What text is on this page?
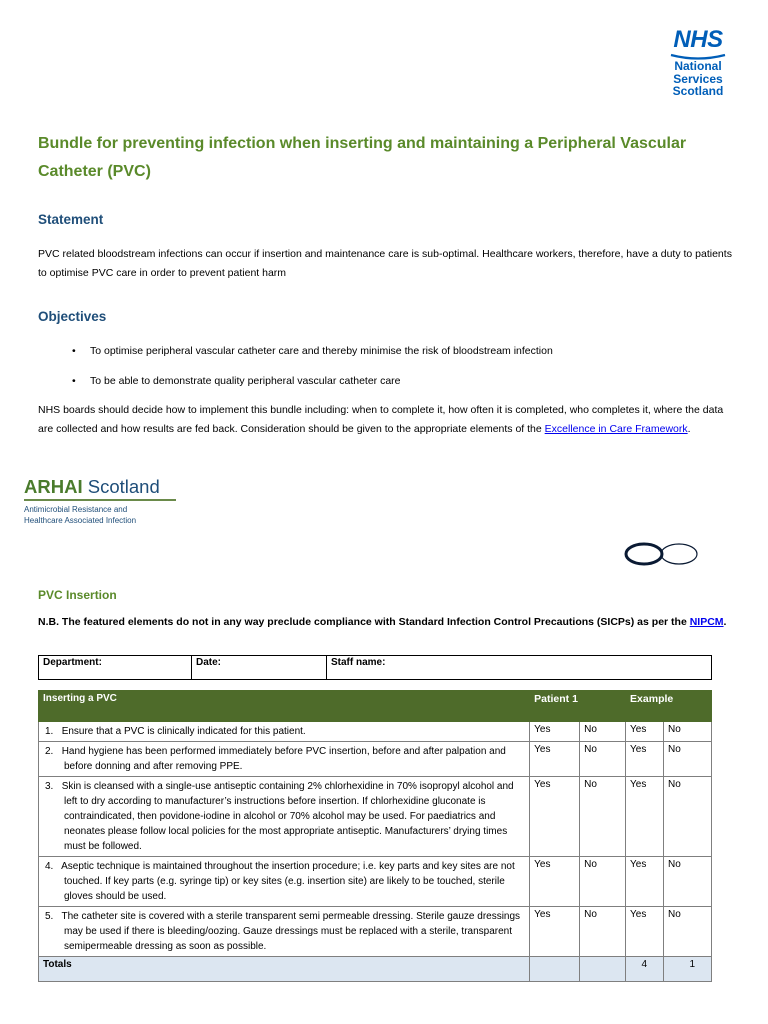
NHS
National
Services
Scotland
Bundle for preventing infection when inserting and maintaining a Peripheral Vascular Catheter (PVC)
Statement
PVC related bloodstream infections can occur if insertion and maintenance care is sub-optimal. Healthcare workers, therefore, have a duty to patients to optimise PVC care in order to prevent patient harm
Objectives
• To optimise peripheral vascular catheter care and thereby minimise the risk of bloodstream infection
• To be able to demonstrate quality peripheral vascular catheter care
NHS boards should decide how to implement this bundle including: when to complete it, how often it is completed, who completes it, where the data are collected and how results are fed back. Consideration should be given to the appropriate elements of the Excellence in Care Framework.
ARHAI Scotland
Antimicrobial Resistance and
Healthcare Associated Infection
PVC Insertion
N.B. The featured elements do not in any way preclude compliance with Standard Infection Control Precautions (SICPs) as per the NIPCM.
Department:	Date:	Staff name:
Inserting a PVC	Patient 1		Example	

1. Ensure that a PVC is clinically indicated for this patient.	Yes	No	Yes	No

2. Hand hygiene has been performed immediately before PVC insertion, before and after palpation and before donning and after removing PPE.	Yes	No	Yes	No

3. Skin is cleansed with a single-use antiseptic containing 2% chlorhexidine in 70% isopropyl alcohol and left to dry according to manufacturer’s instructions before insertion. If chlorhexidine gluconate is contraindicated, then povidone-iodine in alcohol or 70% alcohol may be used. For paediatrics and neonates please follow local policies for the most appropriate antiseptic. Manufacturers’ drying times must be followed.	Yes	No	Yes	No

4. Aseptic technique is maintained throughout the insertion procedure; i.e. key parts and key sites are not touched. If key parts (e.g. syringe tip) or key sites (e.g. insertion site) are likely to be touched, sterile gloves should be used.	Yes	No	Yes	No

5. The catheter site is covered with a sterile transparent semi permeable dressing. Sterile gauze dressings may be used if there is bleeding/oozing. Gauze dressings must be replaced with a sterile, transparent semipermeable dressing as soon as possible.	Yes	No	Yes	No
Totals			4	1
